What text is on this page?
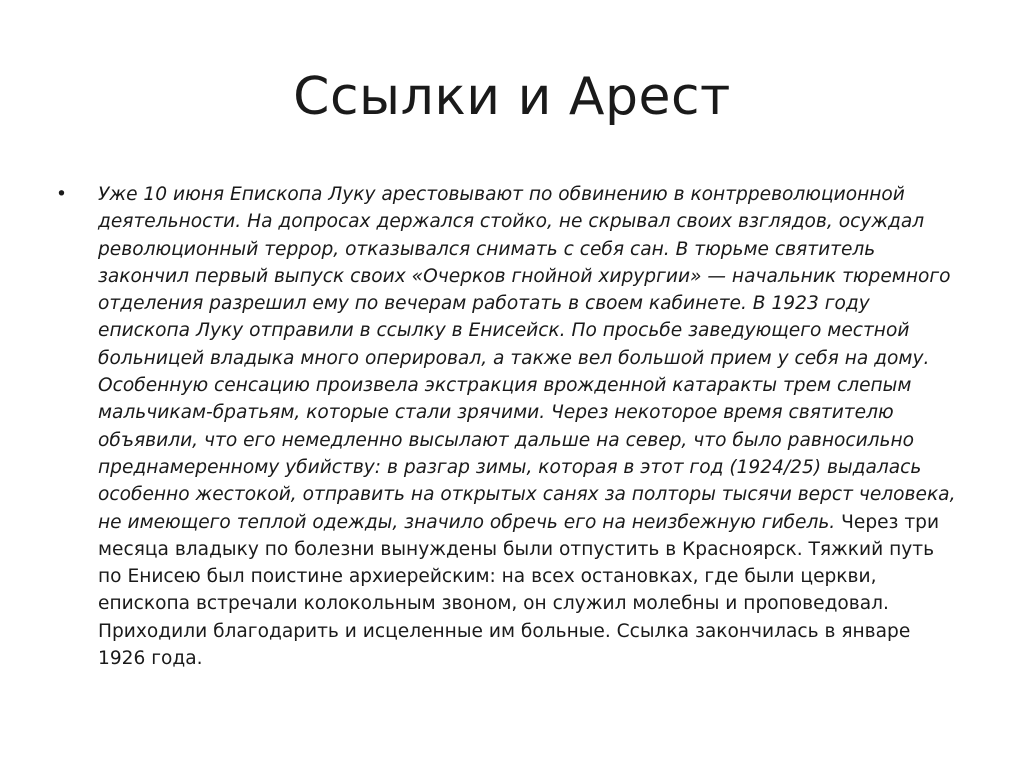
Ссылки и Арест
•	Уже 10 июня Епископа Луку арестовывают по обвинению в контрреволюционной деятельности. На допросах держался стойко, не скрывал своих взглядов, осуждал революционный террор, отказывался снимать с себя сан. В тюрьме святитель закончил первый выпуск своих «Очерков гнойной хирургии» — начальник тюремного отделения разрешил ему по вечерам работать в своем кабинете. В 1923 году епископа Луку отправили в ссылку в Енисейск. По просьбе заведующего местной больницей владыка много оперировал, а также вел большой прием у себя на дому. Особенную сенсацию произвела экстракция врожденной катаракты трем слепым мальчикам-братьям, которые стали зрячими. Через некоторое время святителю объявили, что его немедленно высылают дальше на север, что было равносильно преднамеренному убийству: в разгар зимы, которая в этот год (1924/25) выдалась особенно жестокой, отправить на открытых санях за полторы тысячи верст человека, не имеющего теплой одежды, значило обречь его на неизбежную гибель. Через три месяца владыку по болезни вынуждены были отпустить в Красноярск. Тяжкий путь по Енисею был поистине архиерейским: на всех остановках, где были церкви, епископа встречали колокольным звоном, он служил молебны и проповедовал. Приходили благодарить и исцеленные им больные. Ссылка закончилась в январе 1926 года.
